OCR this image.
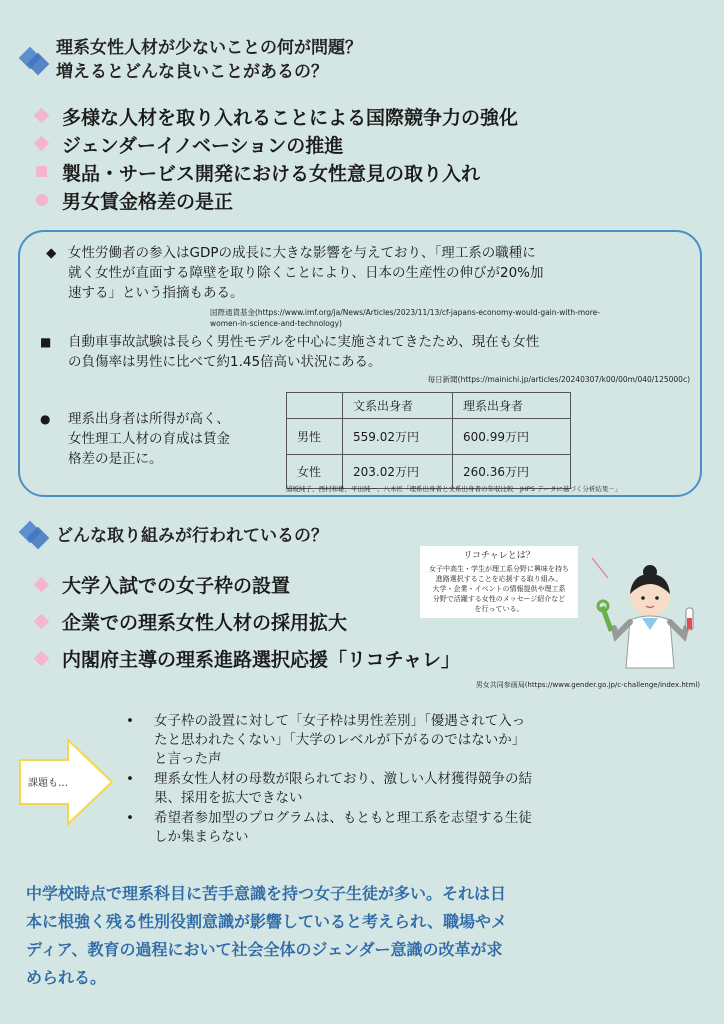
理系女性人材が少ないことの何が問題？
増えるとどんな良いことがあるの？
多様な人材を取り入れることによる国際競争力の強化
ジェンダーイノベーションの推進
製品・サービス開発における女性意見の取り入れ
男女賃金格差の是正
◆ 女性労働者の参入はGDPの成長に大きな影響を与えており、「理工系の職種に
就く女性が直面する障壁を取り除くことにより、日本の生産性の伸びが20%加
速する」という指摘もある。
国際通貨基金(https://www.imf.org/ja/News/Articles/2023/11/13/cf-japans-economy-would-gain-with-more-
women-in-science-and-technology)
■	自動車事故試験は長らく男性モデルを中心に実施されてきたため、現在も女性
の負傷率は男性に比べて約1.45倍高い状況にある。
毎日新聞(https://mainichi.jp/articles/20240307/k00/00m/040/125000c)
●	理系出身者は所得が高く、
女性理工人材の育成は賃金
格差の是正に。
	文系出身者	理系出身者
男性	559.02万円	600.99万円
女性	203.02万円	260.36万円
浦坂純子、西村和雄、平田純一、八木匡「理系出身者と文系出身者の年収比較－JHPS データに基づく分析結果－」
どんな取り組みが行われているの？
大学入試での女子枠の設置
企業での理系女性人材の採用拡大
内閣府主導の理系進路選択応援「リコチャレ」
リコチャレとは？
女子中高生・学生が理工系分野に興味を持ち
進路選択することを応援する取り組み。
大学・企業・イベントの情報提供や理工系
分野で活躍する女性のメッセージ紹介など
を行っている。
男女共同参画局(https://www.gender.go.jp/c-challenge/index.html)
課題も…
•	女子枠の設置に対して「女子枠は男性差別」「優遇されて入っ
たと思われたくない」「大学のレベルが下がるのではないか」
と言った声
•	理系女性人材の母数が限られており、激しい人材獲得競争の結
果、採用を拡大できない
•	希望者参加型のプログラムは、もともと理工系を志望する生徒
しか集まらない
中学校時点で理系科目に苦手意識を持つ女子生徒が多い。それは日
本に根強く残る性別役割意識が影響していると考えられ、職場やメ
ディア、教育の過程において社会全体のジェンダー意識の改革が求
められる。
